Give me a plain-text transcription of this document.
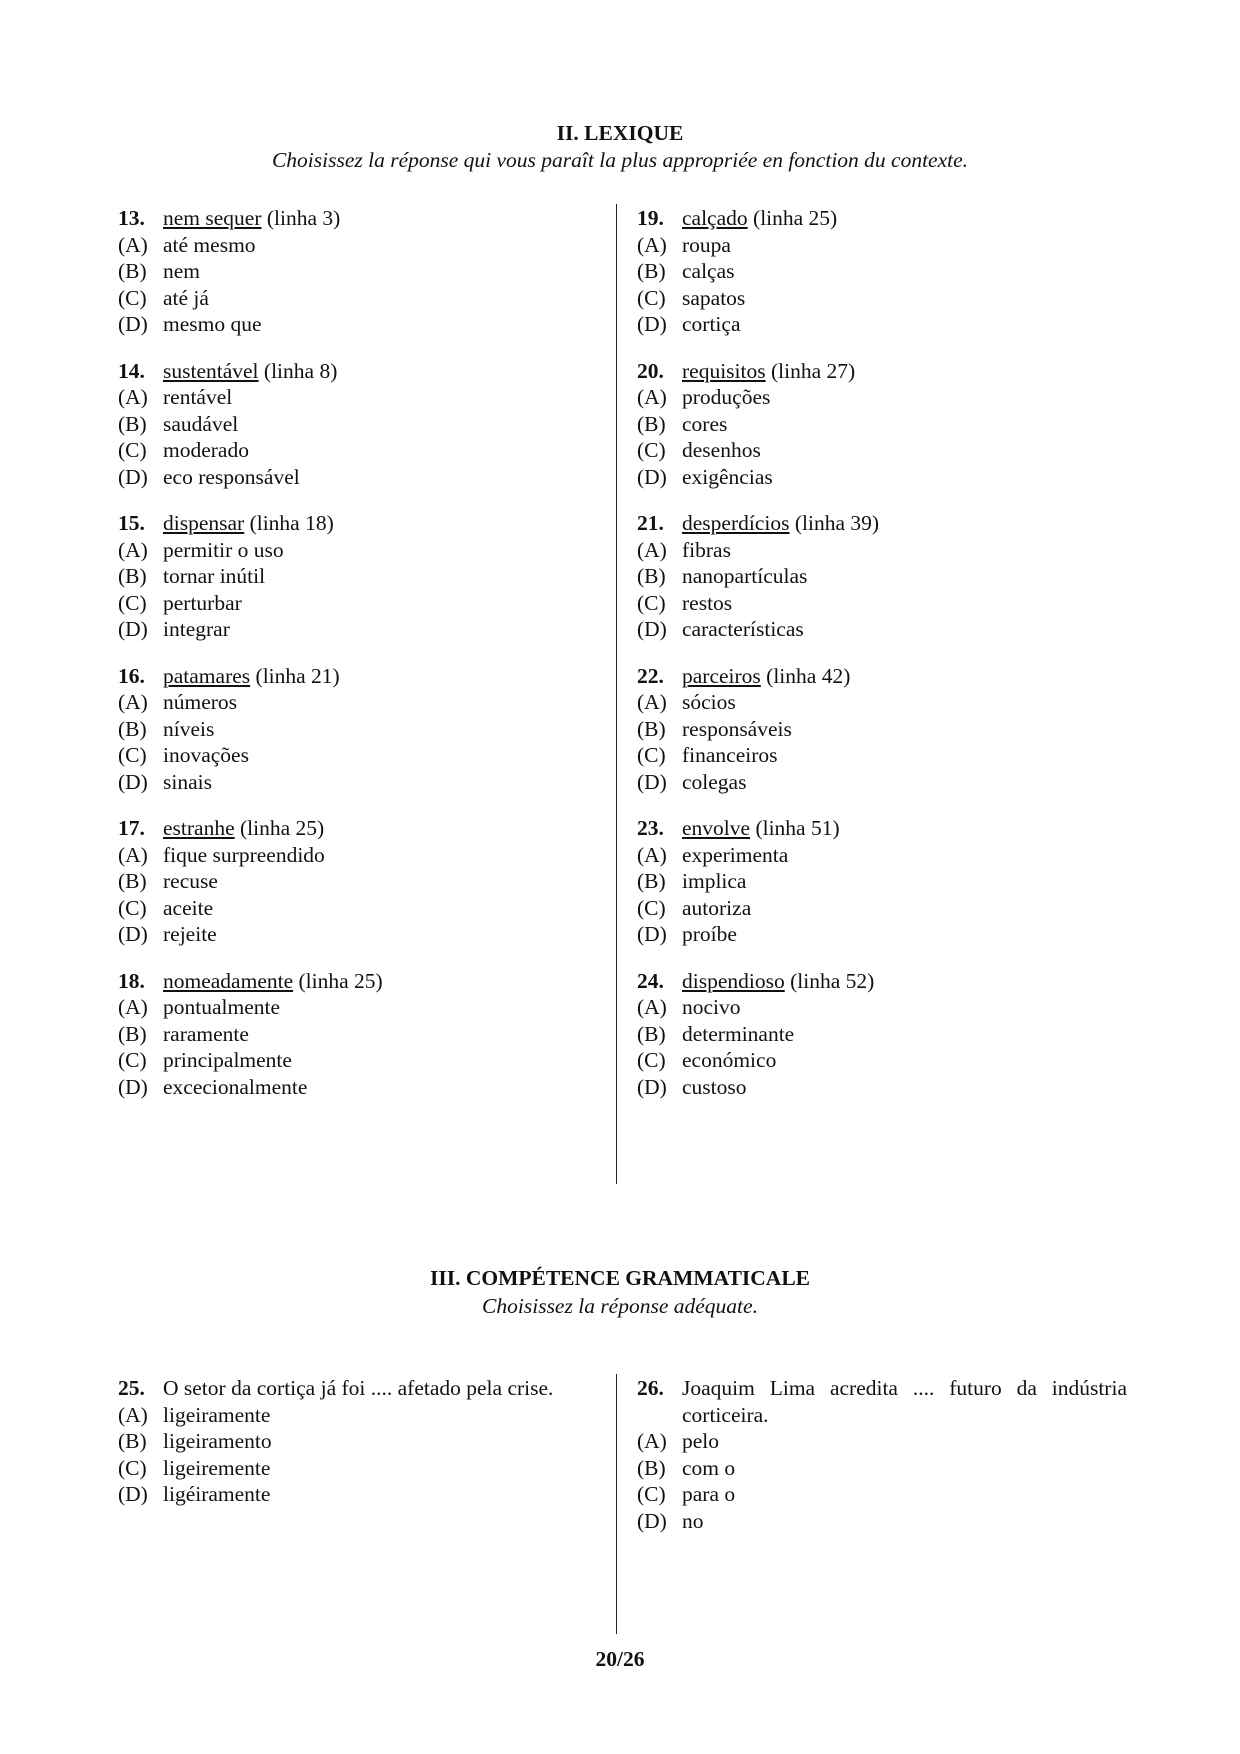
II. LEXIQUE
Choisissez la réponse qui vous paraît la plus appropriée en fonction du contexte.
13. nem sequer (linha 3)
(A) até mesmo
(B) nem
(C) até já
(D) mesmo que
14. sustentável (linha 8)
(A) rentável
(B) saudável
(C) moderado
(D) eco responsável
15. dispensar (linha 18)
(A) permitir o uso
(B) tornar inútil
(C) perturbar
(D) integrar
16. patamares (linha 21)
(A) números
(B) níveis
(C) inovações
(D) sinais
17. estranhe (linha 25)
(A) fique surpreendido
(B) recuse
(C) aceite
(D) rejeite
18. nomeadamente (linha 25)
(A) pontualmente
(B) raramente
(C) principalmente
(D) excecionalmente
19. calçado (linha 25)
(A) roupa
(B) calças
(C) sapatos
(D) cortiça
20. requisitos (linha 27)
(A) produções
(B) cores
(C) desenhos
(D) exigências
21. desperdícios (linha 39)
(A) fibras
(B) nanopartículas
(C) restos
(D) características
22. parceiros (linha 42)
(A) sócios
(B) responsáveis
(C) financeiros
(D) colegas
23. envolve (linha 51)
(A) experimenta
(B) implica
(C) autoriza
(D) proíbe
24. dispendioso (linha 52)
(A) nocivo
(B) determinante
(C) económico
(D) custoso
III. COMPÉTENCE GRAMMATICALE
Choisissez la réponse adéquate.
25. O setor da cortiça já foi .... afetado pela crise.
(A) ligeiramente
(B) ligeiramento
(C) ligeiremente
(D) ligéiramente
26. Joaquim Lima acredita .... futuro da indústria corticeira.
(A) pelo
(B) com o
(C) para o
(D) no
20/26
